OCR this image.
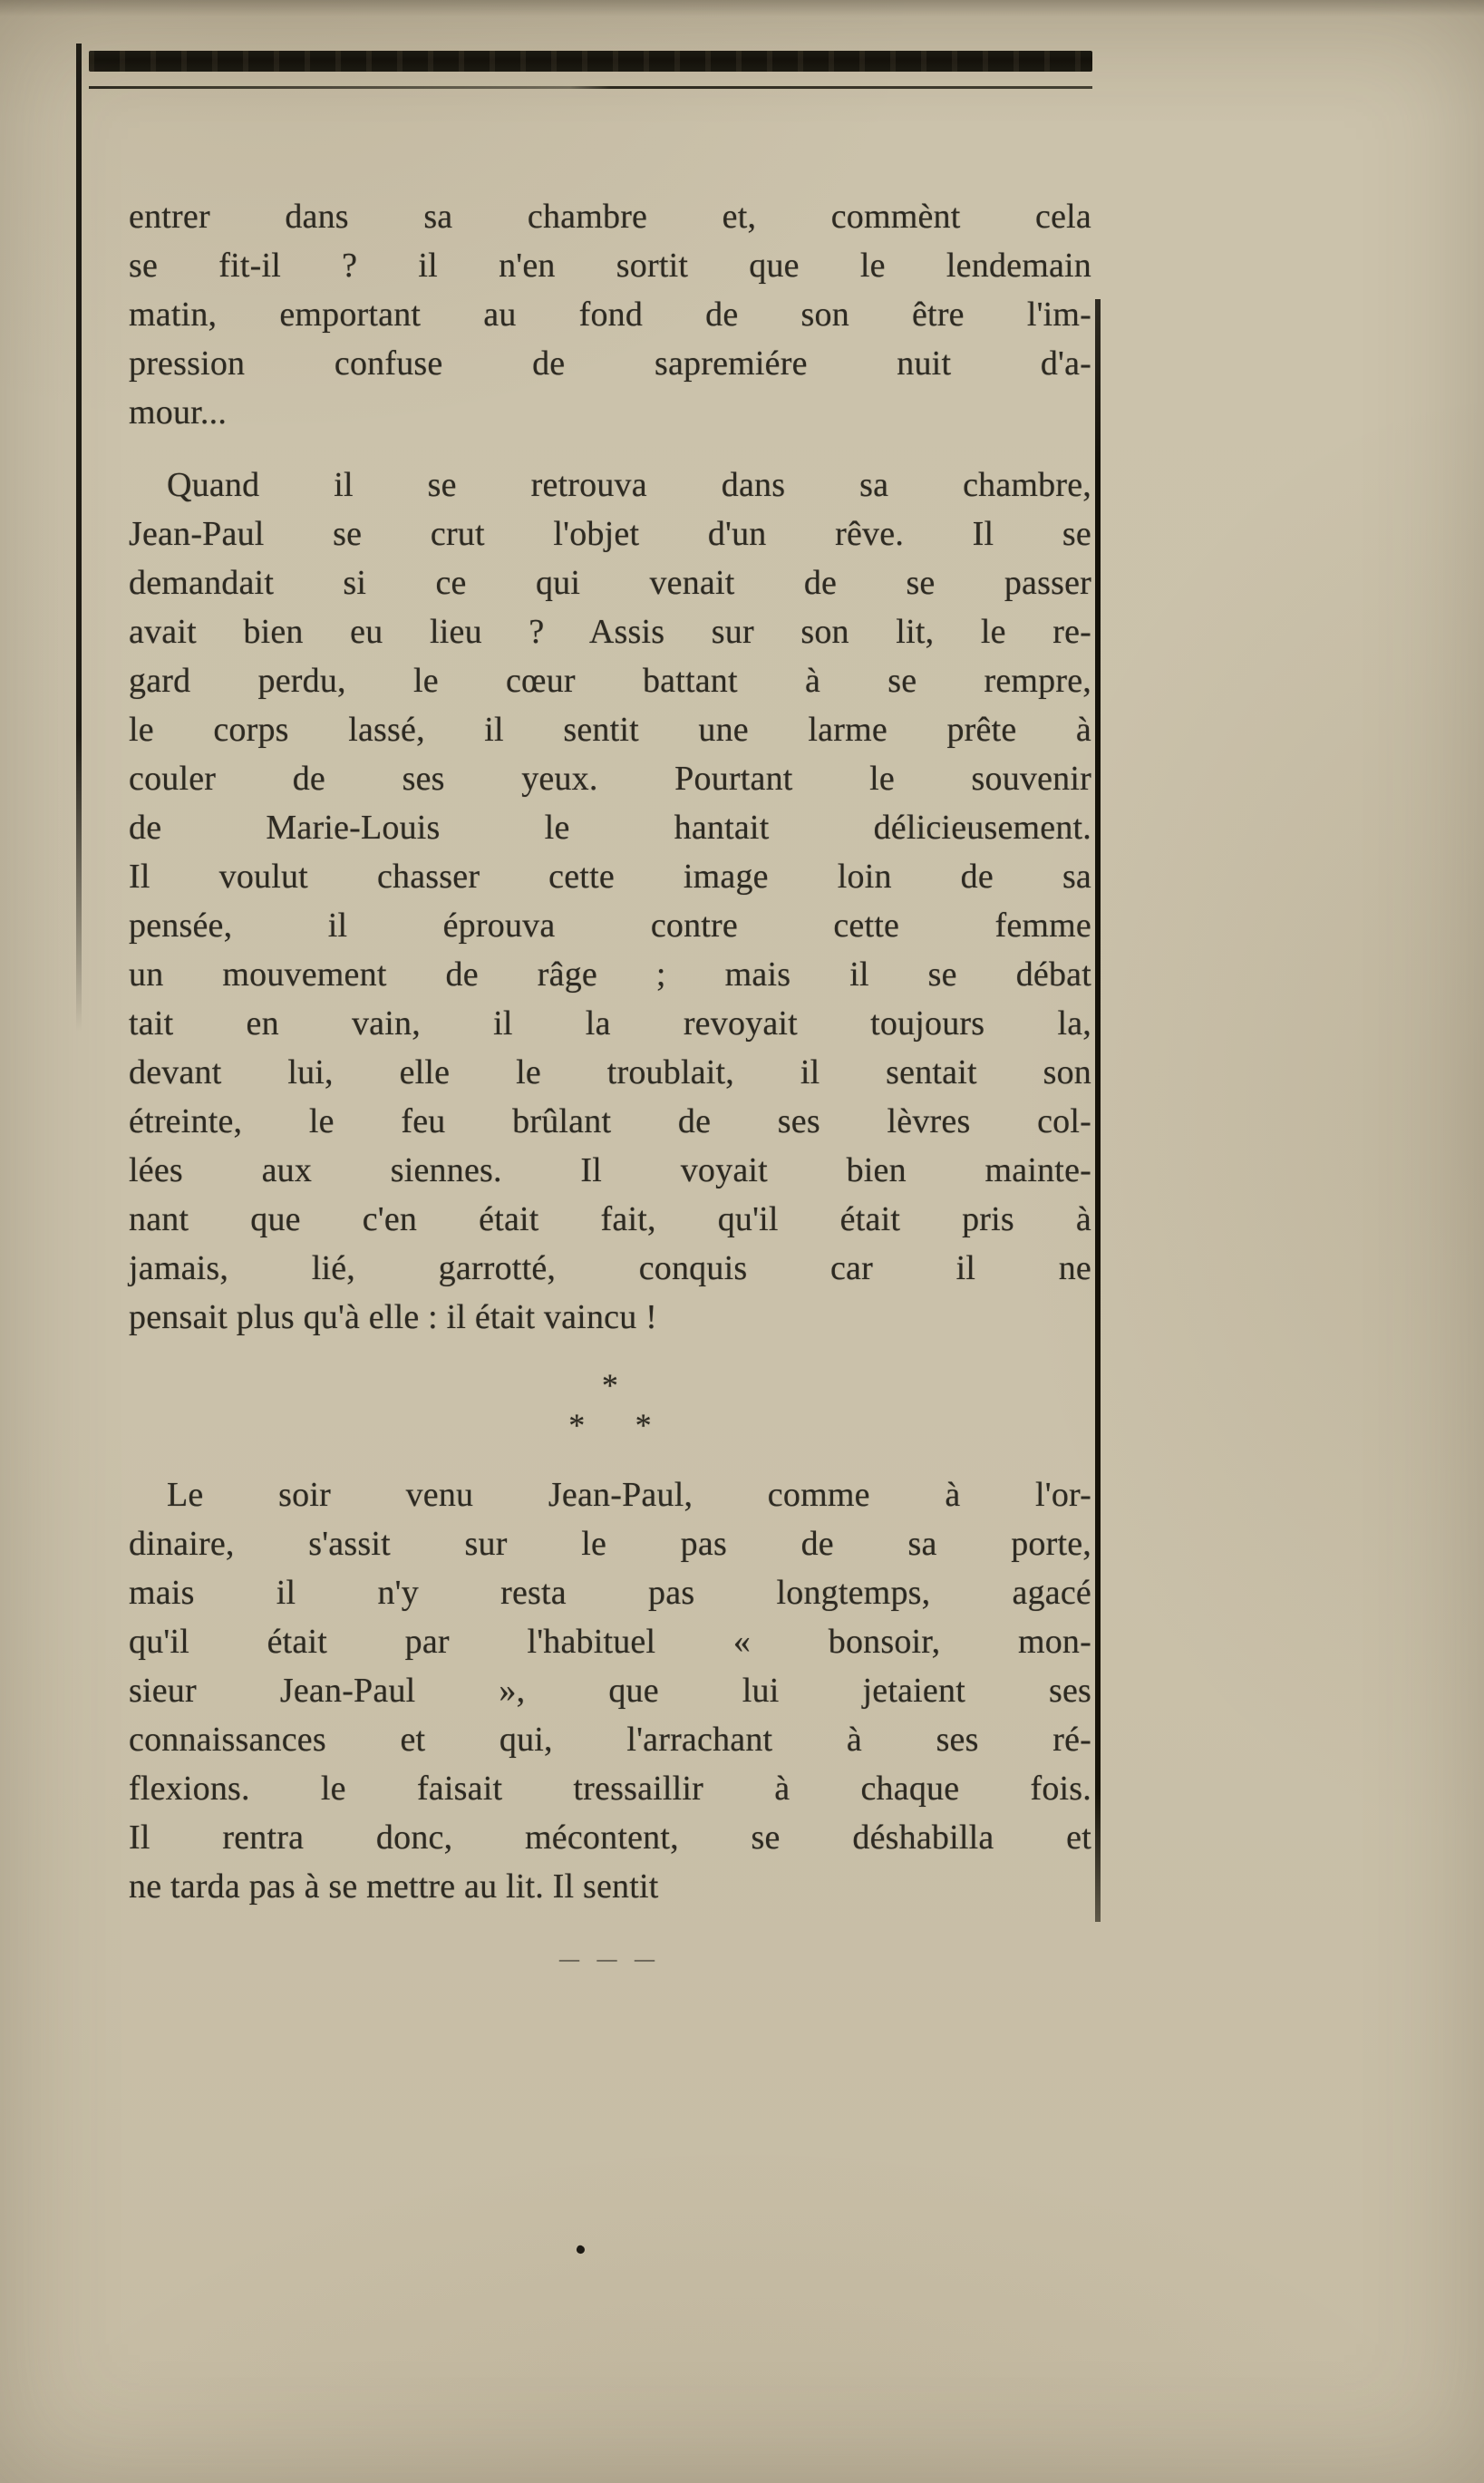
entrer dans sa chambre et, commènt cela
se fit-il ? il n'en sortit que le lendemain
matin, emportant au fond de son être l'im-
pression confuse de sapremiére nuit d'a-
mour...
Quand il se retrouva dans sa chambre,
Jean-Paul se crut l'objet d'un rêve. Il se
demandait si ce qui venait de se passer
avait bien eu lieu ? Assis sur son lit, le re-
gard perdu, le cœur battant à se rempre,
le corps lassé, il sentit une larme prête à
couler de ses yeux. Pourtant le souvenir
de Marie-Louis le hantait délicieusement.
Il voulut chasser cette image loin de sa
pensée, il éprouva contre cette femme
un mouvement de râge ; mais il se débat
tait en vain, il la revoyait toujours la,
devant lui, elle le troublait, il sentait son
étreinte, le feu brûlant de ses lèvres col-
lées aux siennes. Il voyait bien mainte-
nant que c'en était fait, qu'il était pris à
jamais, lié, garrotté, conquis car il ne
pensait plus qu'à elle : il était vaincu !
*
*      *
Le soir venu Jean-Paul, comme à l'or-
dinaire, s'assit sur le pas de sa porte,
mais il n'y resta pas longtemps, agacé
qu'il était par l'habituel « bonsoir, mon-
sieur Jean-Paul », que lui jetaient ses
connaissances et qui, l'arrachant à ses ré-
flexions. le faisait tressaillir à chaque fois.
Il rentra donc, mécontent, se déshabilla et
ne tarda pas à se mettre au lit. Il sentit
— — —
